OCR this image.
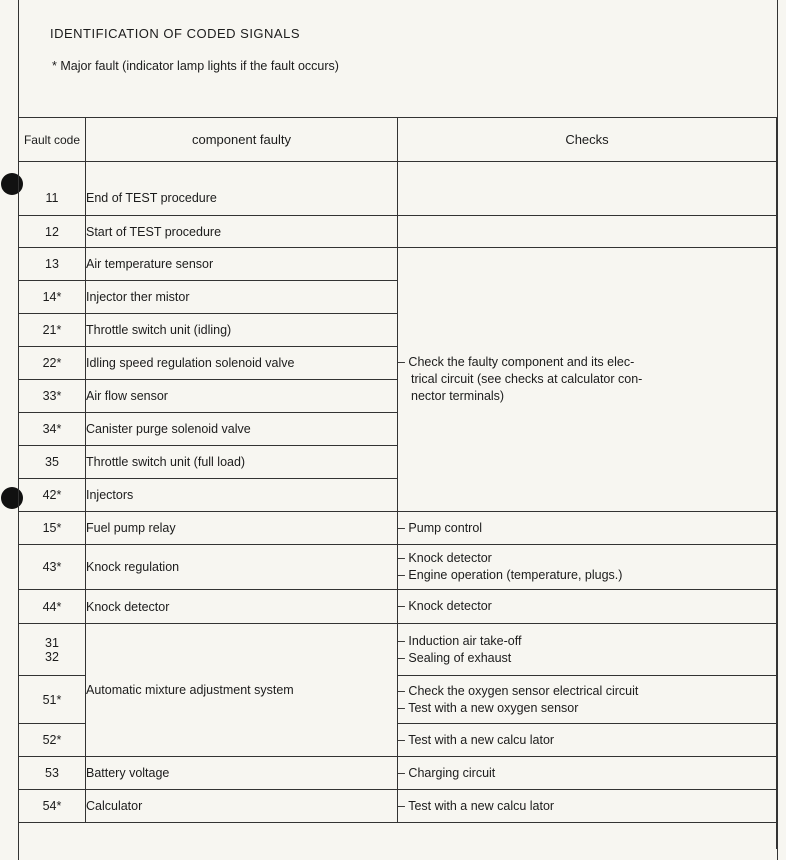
IDENTIFICATION OF CODED SIGNALS
* Major fault (indicator lamp lights if the fault occurs)
Fault code	component faulty	Checks
11	End of TEST procedure	
12	Start of TEST procedure	
13	Air temperature sensor	– Check the faulty component and its elec-
trical circuit (see checks at calculator con-
nector terminals)

14*	Injector ther mistor	
21*	Throttle switch unit (idling)	
22*	Idling speed regulation solenoid valve	
33*	Air flow sensor	
34*	Canister purge solenoid valve	
35	Throttle switch unit (full load)	
42*	Injectors	
15*	Fuel pump relay	– Pump control
43*	Knock regulation	– Knock detector
– Engine operation (temperature, plugs.)

44*	Knock detector	– Knock detector

31
32	Automatic mixture adjustment system	– Induction air take-off
– Sealing of exhaust

51*		– Check the oxygen sensor electrical circuit
– Test with a new oxygen sensor

52*		– Test with a new calcu lator
53	Battery voltage	– Charging circuit
54*	Calculator	– Test with a new calcu lator
